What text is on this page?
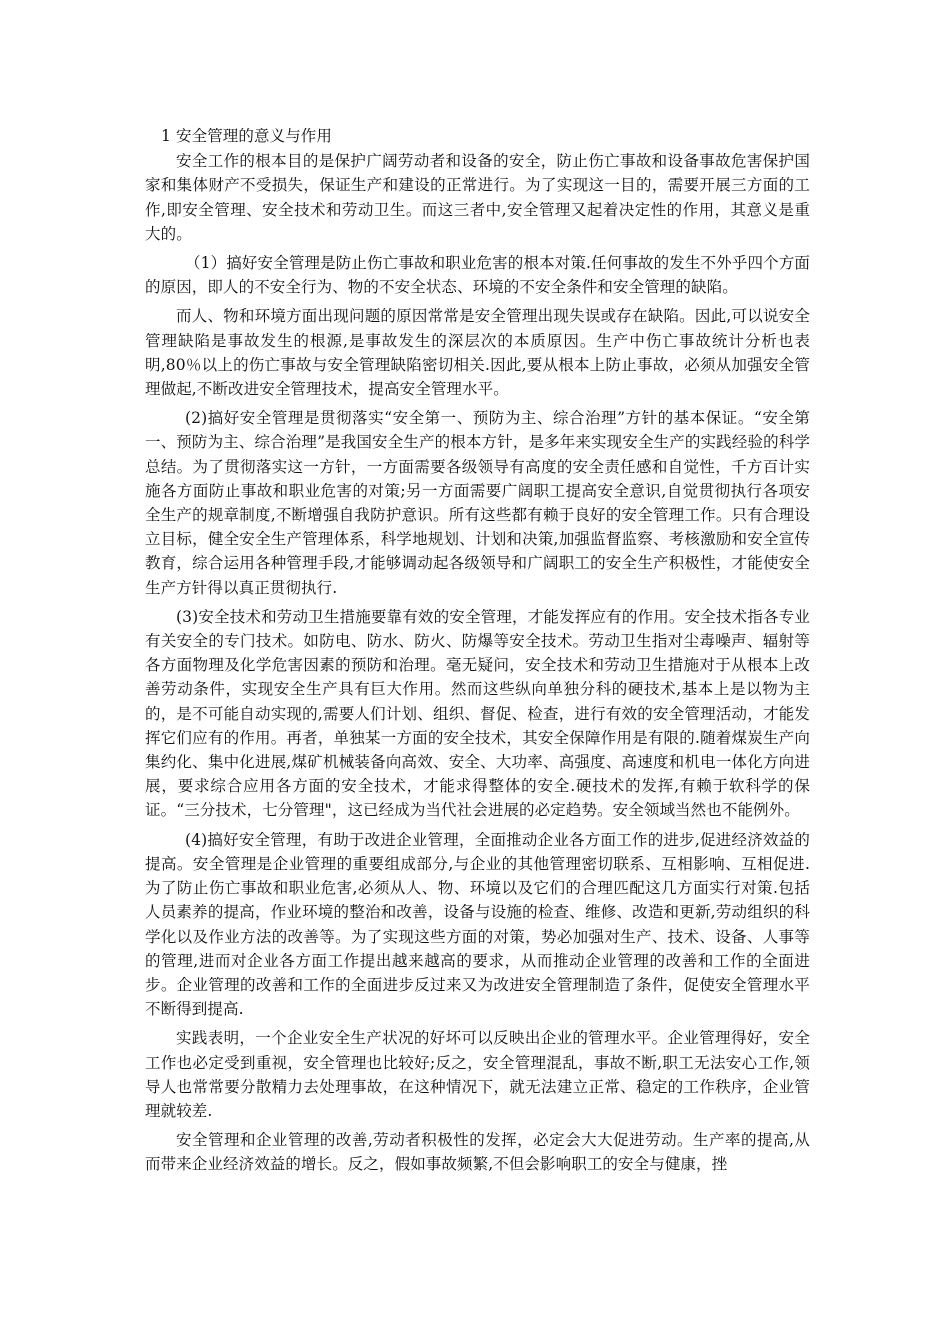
1 安全管理的意义与作用

安全工作的根本目的是保护广阔劳动者和设备的安全，防止伤亡事故和设备事故危害保护国家和集体财产不受损失，保证生产和建设的正常进行。为了实现这一目的，需要开展三方面的工作,即安全管理、安全技术和劳动卫生。而这三者中,安全管理又起着决定性的作用，其意义是重大的。

（1）搞好安全管理是防止伤亡事故和职业危害的根本对策.任何事故的发生不外乎四个方面的原因，即人的不安全行为、物的不安全状态、环境的不安全条件和安全管理的缺陷。

而人、物和环境方面出现问题的原因常常是安全管理出现失误或存在缺陷。因此,可以说安全管理缺陷是事故发生的根源,是事故发生的深层次的本质原因。生产中伤亡事故统计分析也表明,80％以上的伤亡事故与安全管理缺陷密切相关.因此,要从根本上防止事故，必须从加强安全管理做起,不断改进安全管理技术，提高安全管理水平。

(2)搞好安全管理是贯彻落实“安全第一、预防为主、综合治理”方针的基本保证。“安全第一、预防为主、综合治理”是我国安全生产的根本方针，是多年来实现安全生产的实践经验的科学总结。为了贯彻落实这一方针，一方面需要各级领导有高度的安全责任感和自觉性，千方百计实施各方面防止事故和职业危害的对策;另一方面需要广阔职工提高安全意识,自觉贯彻执行各项安全生产的规章制度,不断增强自我防护意识。所有这些都有赖于良好的安全管理工作。只有合理设立目标，健全安全生产管理体系，科学地规划、计划和决策,加强监督监察、考核激励和安全宣传教育，综合运用各种管理手段,才能够调动起各级领导和广阔职工的安全生产积极性，才能使安全生产方针得以真正贯彻执行.

(3)安全技术和劳动卫生措施要靠有效的安全管理，才能发挥应有的作用。安全技术指各专业有关安全的专门技术。如防电、防水、防火、防爆等安全技术。劳动卫生指对尘毒噪声、辐射等各方面物理及化学危害因素的预防和治理。毫无疑问，安全技术和劳动卫生措施对于从根本上改善劳动条件，实现安全生产具有巨大作用。然而这些纵向单独分科的硬技术,基本上是以物为主的，是不可能自动实现的,需要人们计划、组织、督促、检查，进行有效的安全管理活动，才能发挥它们应有的作用。再者，单独某一方面的安全技术，其安全保障作用是有限的.随着煤炭生产向集约化、集中化进展,煤矿机械装备向高效、安全、大功率、高强度、高速度和机电一体化方向进展，要求综合应用各方面的安全技术，才能求得整体的安全.硬技术的发挥,有赖于软科学的保证。“三分技术，七分管理"，这已经成为当代社会进展的必定趋势。安全领域当然也不能例外。

(4)搞好安全管理，有助于改进企业管理，全面推动企业各方面工作的进步,促进经济效益的提高。安全管理是企业管理的重要组成部分,与企业的其他管理密切联系、互相影响、互相促进.为了防止伤亡事故和职业危害,必须从人、物、环境以及它们的合理匹配这几方面实行对策.包括人员素养的提高，作业环境的整治和改善，设备与设施的检查、维修、改造和更新,劳动组织的科学化以及作业方法的改善等。为了实现这些方面的对策，势必加强对生产、技术、设备、人事等的管理,进而对企业各方面工作提出越来越高的要求，从而推动企业管理的改善和工作的全面进步。企业管理的改善和工作的全面进步反过来又为改进安全管理制造了条件，促使安全管理水平不断得到提高.

实践表明，一个企业安全生产状况的好坏可以反映出企业的管理水平。企业管理得好，安全工作也必定受到重视，安全管理也比较好;反之，安全管理混乱，事故不断,职工无法安心工作,领导人也常常要分散精力去处理事故，在这种情况下，就无法建立正常、稳定的工作秩序，企业管理就较差.

安全管理和企业管理的改善,劳动者积极性的发挥，必定会大大促进劳动。生产率的提高,从而带来企业经济效益的增长。反之，假如事故频繁,不但会影响职工的安全与健康，挫
